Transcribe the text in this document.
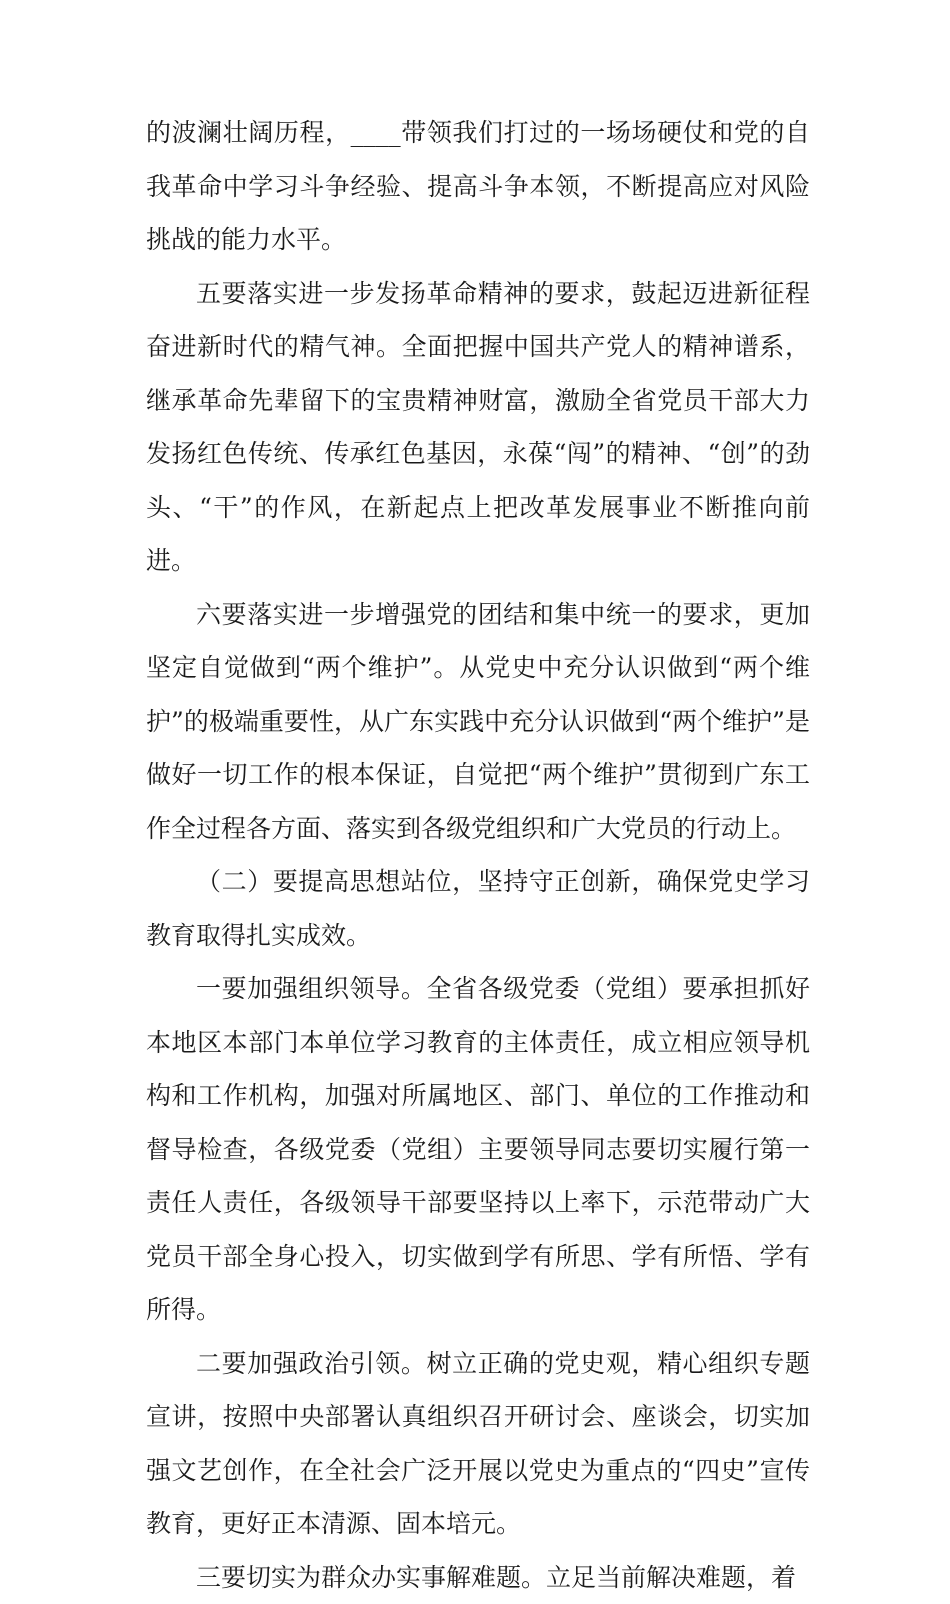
的波澜壮阔历程，____带领我们打过的一场场硬仗和党的自我革命中学习斗争经验、提高斗争本领，不断提高应对风险挑战的能力水平。

五要落实进一步发扬革命精神的要求，鼓起迈进新征程奋进新时代的精气神。全面把握中国共产党人的精神谱系，继承革命先辈留下的宝贵精神财富，激励全省党员干部大力发扬红色传统、传承红色基因，永葆“闯”的精神、“创”的劲头、“干”的作风，在新起点上把改革发展事业不断推向前进。

六要落实进一步增强党的团结和集中统一的要求，更加坚定自觉做到“两个维护”。从党史中充分认识做到“两个维护”的极端重要性，从广东实践中充分认识做到“两个维护”是做好一切工作的根本保证，自觉把“两个维护”贯彻到广东工作全过程各方面、落实到各级党组织和广大党员的行动上。

（二）要提高思想站位，坚持守正创新，确保党史学习教育取得扎实成效。

一要加强组织领导。全省各级党委（党组）要承担抓好本地区本部门本单位学习教育的主体责任，成立相应领导机构和工作机构，加强对所属地区、部门、单位的工作推动和督导检查，各级党委（党组）主要领导同志要切实履行第一责任人责任，各级领导干部要坚持以上率下，示范带动广大党员干部全身心投入，切实做到学有所思、学有所悟、学有所得。

二要加强政治引领。树立正确的党史观，精心组织专题宣讲，按照中央部署认真组织召开研讨会、座谈会，切实加强文艺创作，在全社会广泛开展以党史为重点的“四史”宣传教育，更好正本清源、固本培元。

三要切实为群众办实事解难题。立足当前解决难题，着
